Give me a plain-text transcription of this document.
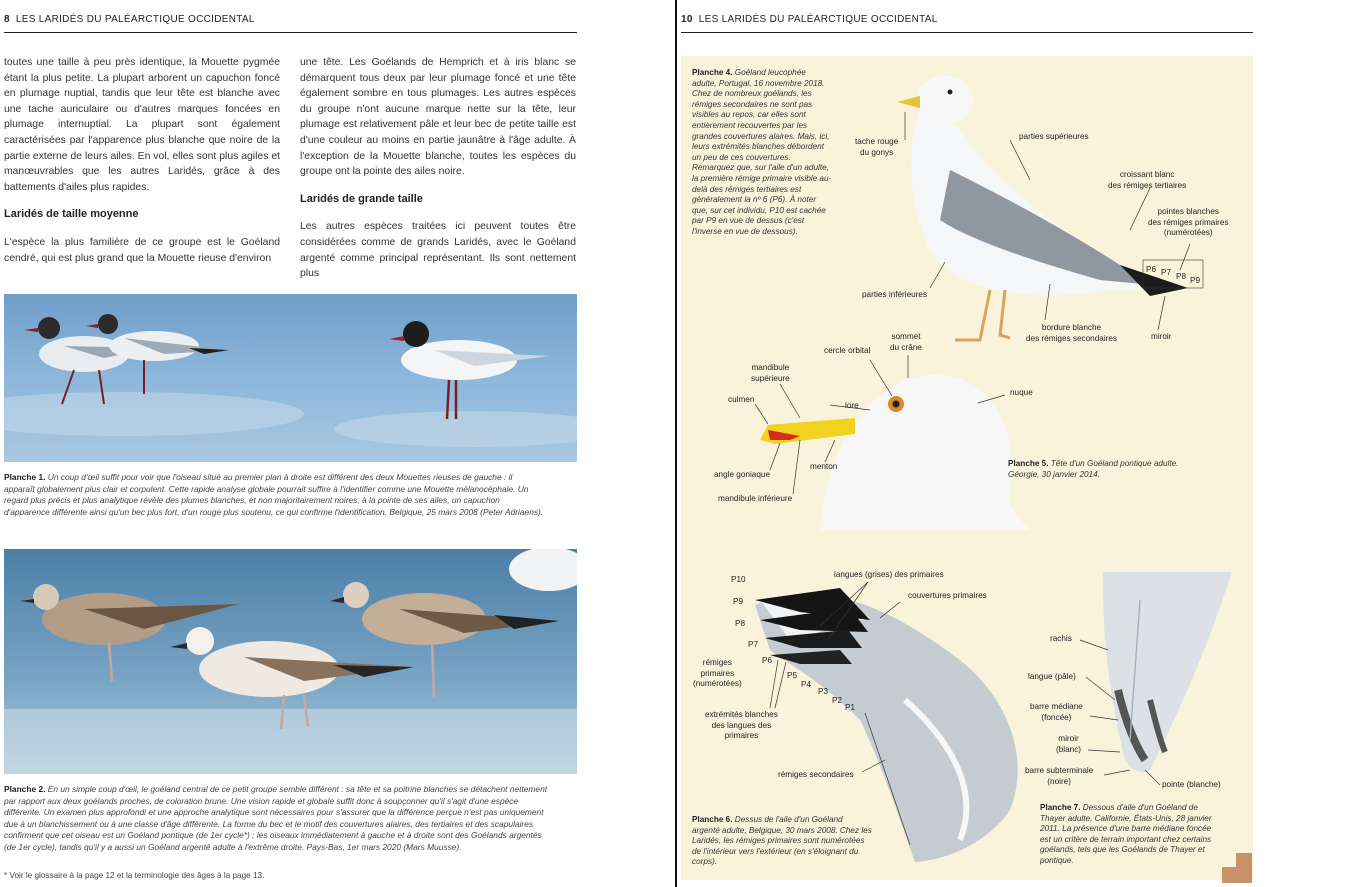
8 LES LARIDÉS DU PALÉARCTIQUE OCCIDENTAL
toutes une taille à peu près identique, la Mouette pygmée étant la plus petite. La plupart arborent un capuchon foncé en plumage nuptial, tandis que leur tête est blanche avec une tache auriculaire ou d'autres marques foncées en plumage internuptial. La plupart sont également caractérisées par l'apparence plus blanche que noire de la partie externe de leurs ailes. En vol, elles sont plus agiles et manœuvrables que les autres Laridés, grâce à des battements d'ailes plus rapides.
Laridés de taille moyenne
L'espèce la plus familière de ce groupe est le Goéland cendré, qui est plus grand que la Mouette rieuse d'environ
une tête. Les Goélands de Hemprich et à iris blanc se démarquent tous deux par leur plumage foncé et une tête également sombre en tous plumages. Les autres espèces du groupe n'ont aucune marque nette sur la tête, leur plumage est relativement pâle et leur bec de petite taille est d'une couleur au moins en partie jaunâtre à l'âge adulte. À l'exception de la Mouette blanche, toutes les espèces du groupe ont la pointe des ailes noire.
Laridés de grande taille
Les autres espèces traitées ici peuvent toutes être considérées comme de grands Laridés, avec le Goéland argenté comme principal représentant. Ils sont nettement plus
Planche 1. Un coup d'œil suffit pour voir que l'oiseau situé au premier plan à droite est différent des deux Mouettes rieuses de gauche : il apparaît globalement plus clair et corpulent. Cette rapide analyse globale pourrait suffire à l'identifier comme une Mouette mélanocéphale. Un regard plus précis et plus analytique révèle des plumes blanches, et non majoritairement noires, à la pointe de ses ailes, un capuchon d'apparence différente ainsi qu'un bec plus fort, d'un rouge plus soutenu, ce qui confirme l'identification. Belgique, 25 mars 2008 (Peter Adriaens).
Planche 2. En un simple coup d'œil, le goéland central de ce petit groupe semble différent : sa tête et sa poitrine blanches se détachent nettement par rapport aux deux goélands proches, de coloration brune. Une vision rapide et globale suffit donc à soupçonner qu'il s'agit d'une espèce différente. Un examen plus approfondi et une approche analytique sont nécessaires pour s'assurer que la différence perçue n'est pas uniquement due à un blanchissement ou à une classe d'âge différente. La forme du bec et le motif des couvertures alaires, des tertiaires et des scapulaires confirment que cet oiseau est un Goéland pontique (de 1er cycle*) ; les oiseaux immédiatement à gauche et à droite sont des Goélands argentés (de 1er cycle), tandis qu'il y a aussi un Goéland argenté adulte à l'extrême droite. Pays-Bas, 1er mars 2020 (Mars Muusse).
* Voir le glossaire à la page 12 et la terminologie des âges à la page 13.
10 LES LARIDÉS DU PALÉARCTIQUE OCCIDENTAL
Planche 4. Goéland leucophée adulte, Portugal, 16 novembre 2018. Chez de nombreux goélands, les rémiges secondaires ne sont pas visibles au repos, car elles sont entièrement recouvertes par les grandes couvertures alaires. Mais, ici, leurs extrémités blanches débordent un peu de ces couvertures. Remarquez que, sur l'aile d'un adulte, la première rémige primaire visible au-delà des rémiges tertiaires est généralement la nº 6 (P6). À noter que, sur cet individu, P10 est cachée par P9 en vue de dessus (c'est l'inverse en vue de dessous).
tache rouge
du gonys
parties supérieures
croissant blanc
des rémiges tertiaires
pointes blanches
des rémiges primaires
(numérotées)
P6 P7 P8 P9
parties inférieures
bordure blanche
des rémiges secondaires	miroir
sommet
du crâne
cercle orbital
mandibule
supérieure
culmen
lore
nuque
menton
angle goniaque
mandibule inférieure
Planche 5. Tête d'un Goéland pontique adulte. Géorgie, 30 janvier 2014.
langues (grises) des primaires
couvertures primaires
P10
P9
P8
P7
P6
P5
P4
P3
P2
P1
rémiges
primaires
(numérotées)
extrémités blanches
des langues des
primaires
rémiges secondaires
Planche 6. Dessus de l'aile d'un Goéland argenté adulte, Belgique, 30 mars 2008. Chez les Laridés, les rémiges primaires sont numérotées de l'intérieur vers l'extérieur (en s'éloignant du corps).
rachis
langue (pâle)
barre médiane
(foncée)
miroir
(blanc)
barre subterminale
(noire)	pointe (blanche)
Planche 7. Dessous d'aile d'un Goéland de Thayer adulte, Californie, États-Unis, 28 janvier 2011. La présence d'une barre médiane foncée est un critère de terrain important chez certains goélands, tels que les Goélands de Thayer et pontique.
